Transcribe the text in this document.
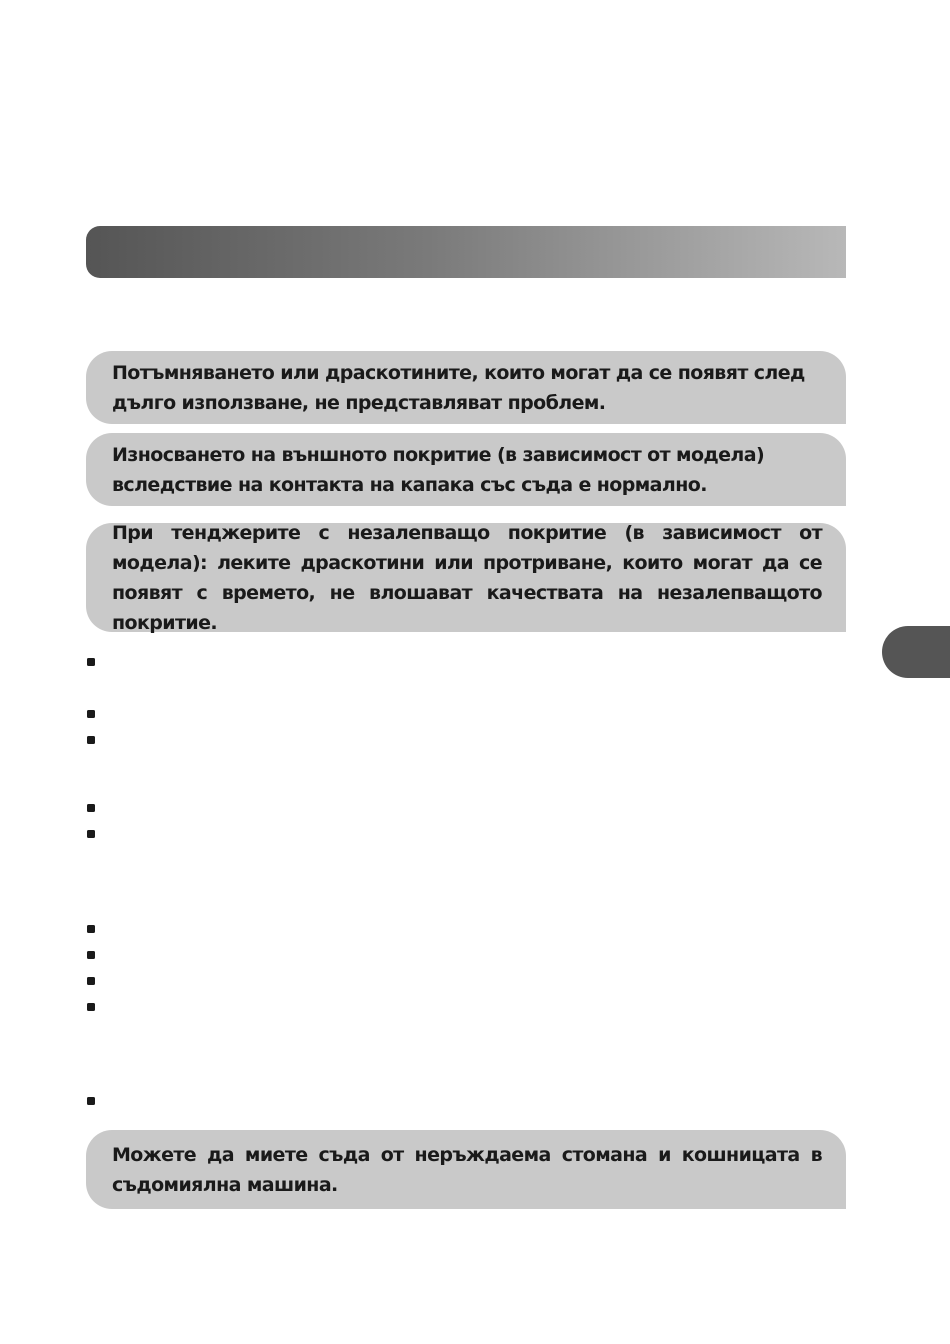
Потъмняването или драскотините, които могат да се появят след дълго използване, не представляват проблем.

Износването на външното покритие (в зависимост от модела) вследствие на контакта на капака със съда е нормално.

При тенджерите с незалепващо покритие (в зависимост от модела): леките драскотини или протриване, които могат да се появят с времето, не влошават качествата на незалепващото покритие.

Можете да миете съда от неръждаема стомана и кошницата в съдомиялна машина.
